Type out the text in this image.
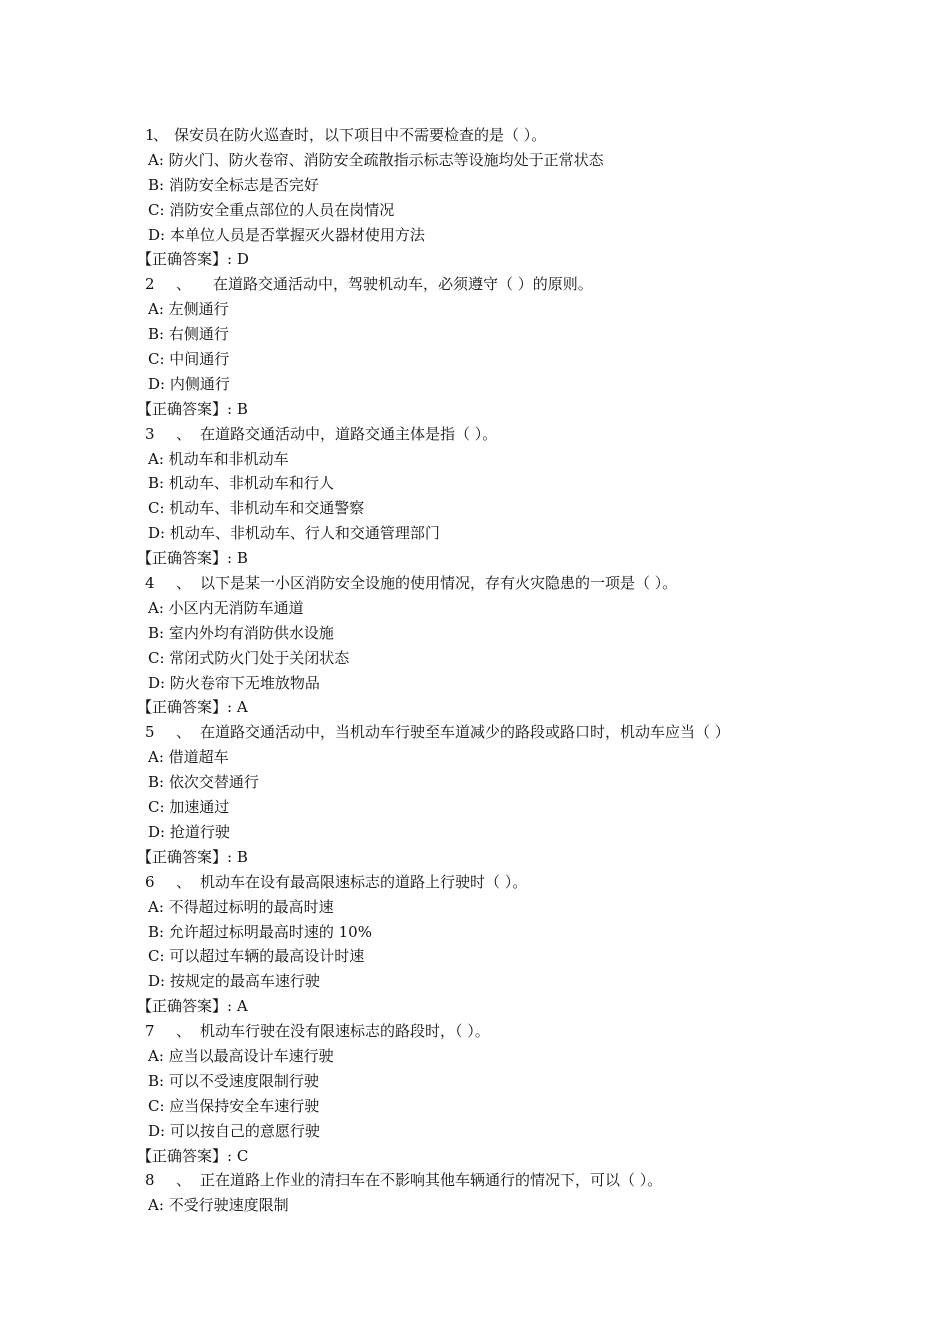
1
、 保安员在防火巡查时，以下项目中不需要检查的是（ ）。
A: 防火门、防火卷帘、消防安全疏散指示标志等设施均处于正常状态
B: 消防安全标志是否完好
C: 消防安全重点部位的人员在岗情况
D: 本单位人员是否掌握灭火器材使用方法
【正确答案】: D
2 、 在道路交通活动中，驾驶机动车，必须遵守（ ）的原则。
A: 左侧通行
B: 右侧通行
C: 中间通行
D: 内侧通行
【正确答案】: B
3 、 在道路交通活动中，道路交通主体是指（ ）。
A: 机动车和非机动车
B: 机动车、非机动车和行人
C: 机动车、非机动车和交通警察
D: 机动车、非机动车、行人和交通管理部门
【正确答案】: B
4 、 以下是某一小区消防安全设施的使用情况，存有火灾隐患的一项是（ ）。
A: 小区内无消防车通道
B: 室内外均有消防供水设施
C: 常闭式防火门处于关闭状态
D: 防火卷帘下无堆放物品
【正确答案】: A
5 、 在道路交通活动中，当机动车行驶至车道减少的路段或路口时，机动车应当（ ）
A: 借道超车
B: 依次交替通行
C: 加速通过
D: 抢道行驶
【正确答案】: B
6 、 机动车在设有最高限速标志的道路上行驶时（ ）。
A: 不得超过标明的最高时速
B: 允许超过标明最高时速的 10%
C: 可以超过车辆的最高设计时速
D: 按规定的最高车速行驶
【正确答案】: A
7 、 机动车行驶在没有限速标志的路段时，（ ）。
A: 应当以最高设计车速行驶
B: 可以不受速度限制行驶
C: 应当保持安全车速行驶
D: 可以按自己的意愿行驶
【正确答案】: C
8 、 正在道路上作业的清扫车在不影响其他车辆通行的情况下，可以（ ）。
A: 不受行驶速度限制
